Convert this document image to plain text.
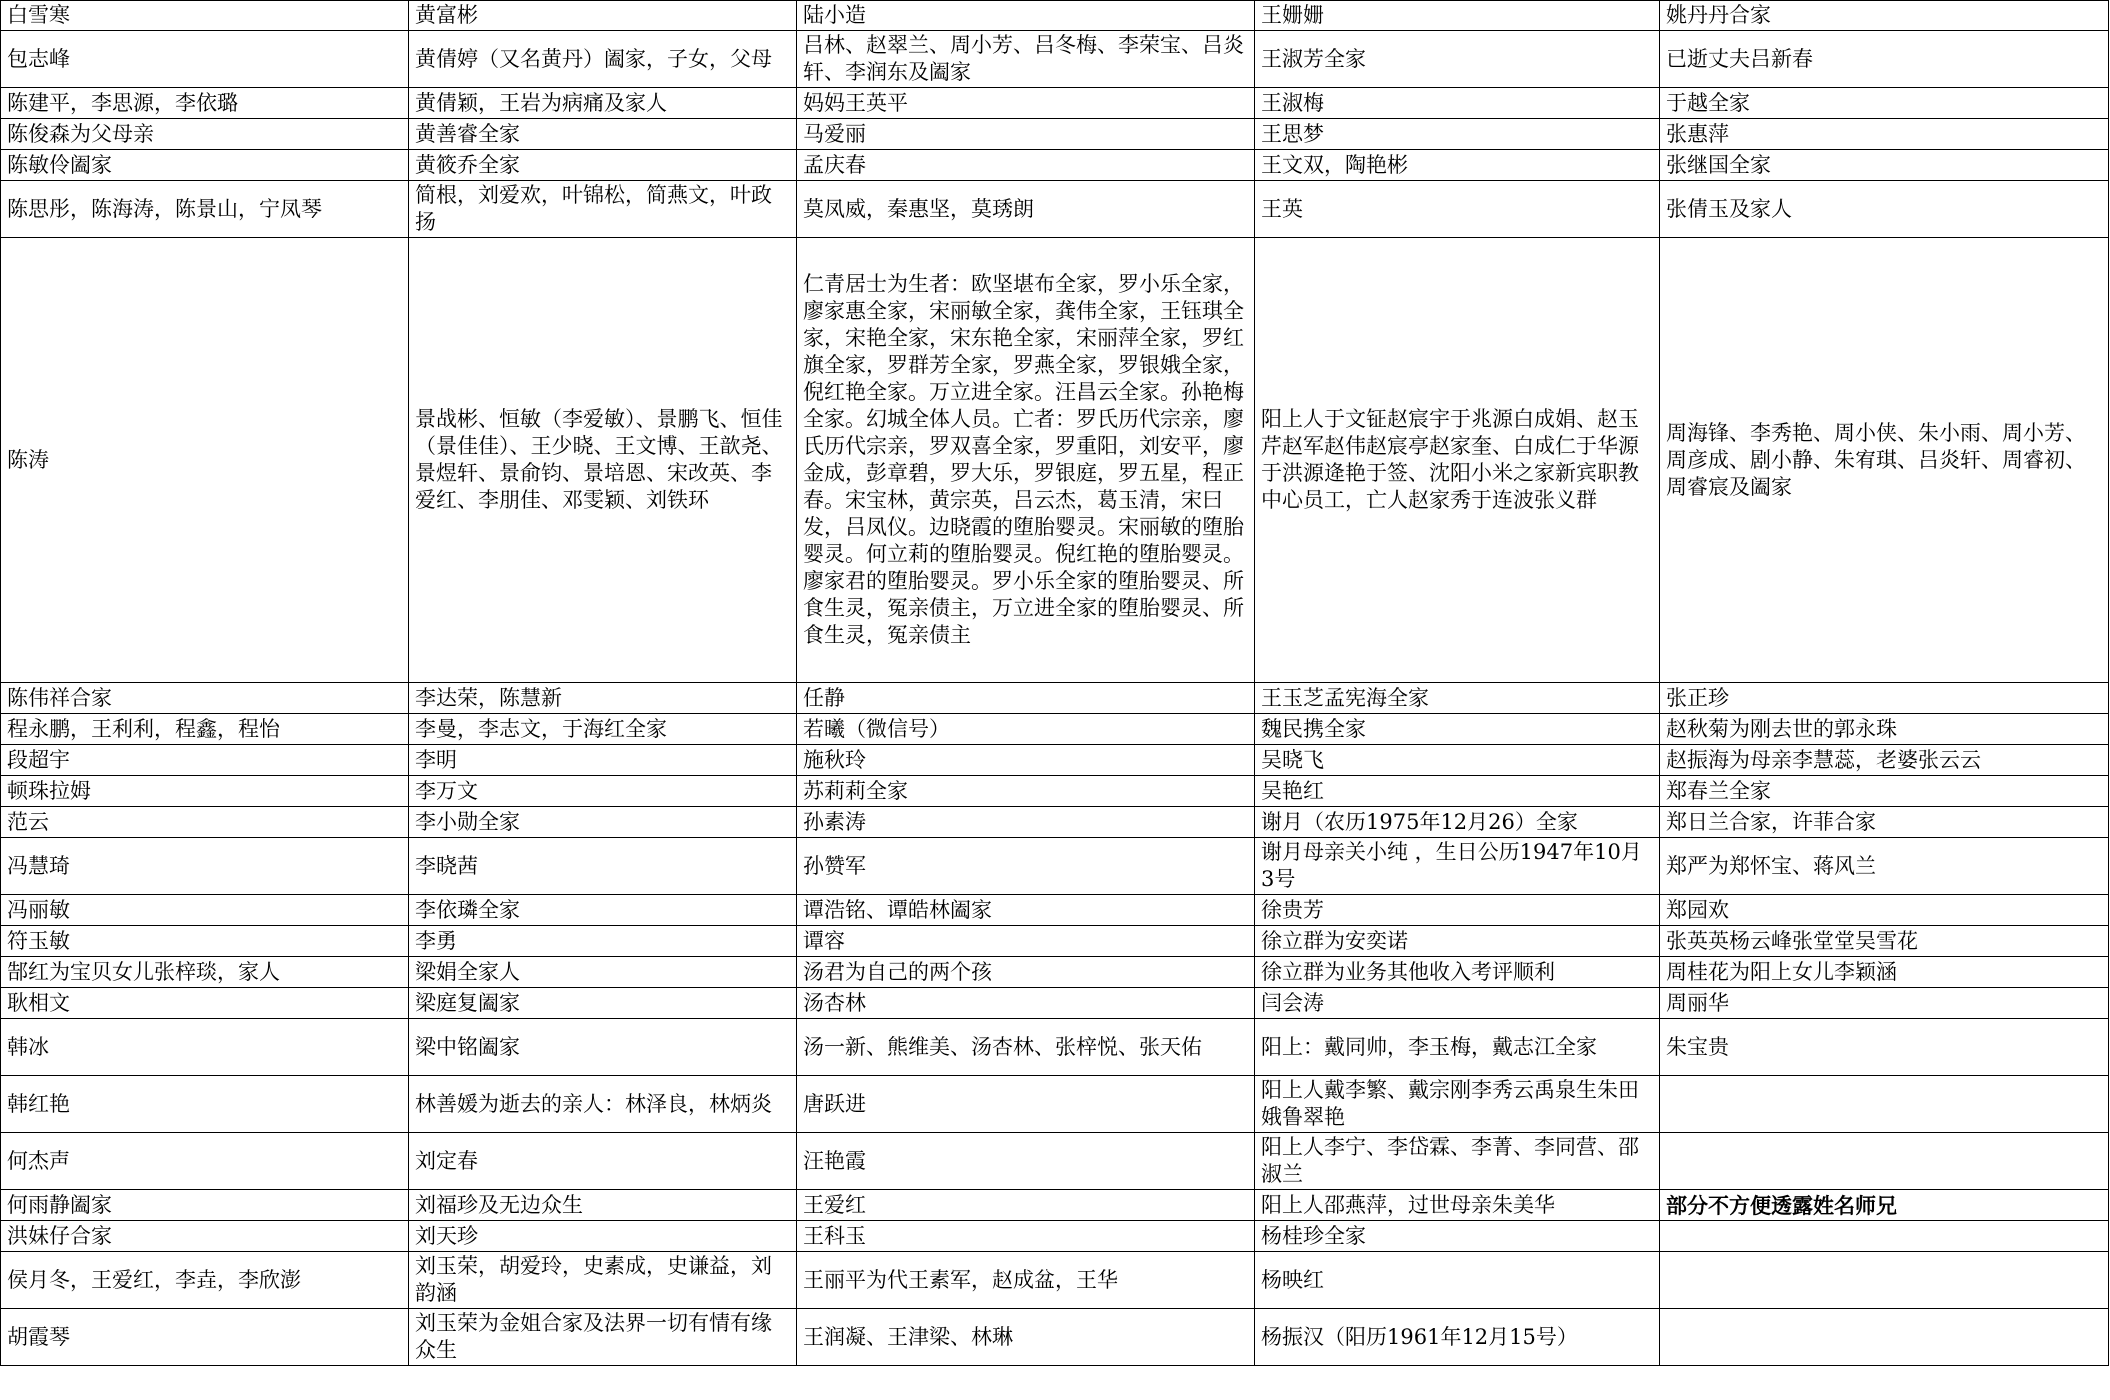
白雪寒	黄富彬	陆小造	王姗姗	姚丹丹合家
包志峰	黄倩婷（又名黄丹）阖家，子女，父母	吕林、赵翠兰、周小芳、吕冬梅、李荣宝、吕炎轩、李润东及阖家	王淑芳全家	已逝丈夫吕新春
陈建平，李思源，李依璐	黄倩颖，王岩为病痛及家人	妈妈王英平	王淑梅	于越全家
陈俊森为父母亲	黄善睿全家	马爱丽	王思梦	张惠萍
陈敏伶阖家	黄筱乔全家	孟庆春	王文双，陶艳彬	张继国全家
陈思彤，陈海涛，陈景山，宁凤琴	简根，刘爱欢，叶锦松，简燕文，叶政扬	莫凤威，秦惠坚，莫琇朗	王英	张倩玉及家人
陈涛	景战彬、恒敏（李爱敏）、景鹏飞、恒佳（景佳佳）、王少晓、王文博、王歆尧、景煜轩、景俞钧、景培恩、宋改英、李爱红、李朋佳、邓雯颖、刘铁环	仁青居士为生者：欧坚堪布全家，罗小乐全家，廖家惠全家，宋丽敏全家，龚伟全家，王钰琪全家，宋艳全家，宋东艳全家，宋丽萍全家，罗红旗全家，罗群芳全家，罗燕全家，罗银娥全家，倪红艳全家。万立进全家。汪昌云全家。孙艳梅全家。幻城全体人员。亡者：罗氏历代宗亲，廖氏历代宗亲，罗双喜全家，罗重阳，刘安平，廖金成，彭章碧，罗大乐，罗银庭，罗五星，程正春。宋宝林，黄宗英，吕云杰，葛玉清，宋曰发，吕凤仪。边晓霞的堕胎婴灵。宋丽敏的堕胎婴灵。何立莉的堕胎婴灵。倪红艳的堕胎婴灵。廖家君的堕胎婴灵。罗小乐全家的堕胎婴灵、所食生灵，冤亲债主，万立进全家的堕胎婴灵、所食生灵，冤亲债主	阳上人于文钲赵宸宇于兆源白成娟、赵玉芹赵军赵伟赵宸亭赵家奎、白成仁于华源于洪源逄艳于签、沈阳小米之家新宾职教中心员工，亡人赵家秀于连波张义群	周海锋、李秀艳、周小侠、朱小雨、周小芳、周彦成、剧小静、朱宥琪、吕炎轩、周睿初、周睿宸及阖家
陈伟祥合家	李达荣，陈慧新	任静	王玉芝孟宪海全家	张正珍
程永鹏，王利利，程鑫，程怡	李曼，李志文，于海红全家	若曦（微信号）	魏民携全家	赵秋菊为刚去世的郭永珠
段超宇	李明	施秋玲	吴晓飞	赵振海为母亲李慧蕊，老婆张云云
顿珠拉姆	李万文	苏莉莉全家	吴艳红	郑春兰全家
范云	李小勋全家	孙素涛	谢月（农历1975年12月26）全家	郑日兰合家，许菲合家
冯慧琦	李晓茜	孙赞军	谢月母亲关小纯 ，生日公历1947年10月3号	郑严为郑怀宝、蒋风兰
冯丽敏	李依璘全家	谭浩铭、谭皓林阖家	徐贵芳	郑园欢
符玉敏	李勇	谭容	徐立群为安奕诺	张英英杨云峰张堂堂吴雪花
郜红为宝贝女儿张梓琰，家人	梁娟全家人	汤君为自己的两个孩	徐立群为业务其他收入考评顺利	周桂花为阳上女儿李颖涵
耿相文	梁庭复阖家	汤杏林	闫会涛	周丽华
韩冰	梁中铭阖家	汤一新、熊维美、汤杏林、张梓悦、张天佑	阳上：戴同帅，李玉梅，戴志江全家	朱宝贵
韩红艳	林善媛为逝去的亲人：林泽良，林炳炎	唐跃进	阳上人戴李繁、戴宗刚李秀云禹泉生朱田娥鲁翠艳	
何杰声	刘定春	汪艳霞	阳上人李宁、李岱霖、李菁、李同营、邵淑兰	
何雨静阖家	刘福珍及无边众生	王爱红	阳上人邵燕萍，过世母亲朱美华	部分不方便透露姓名师兄
洪妹仔合家	刘天珍	王科玉	杨桂珍全家	
侯月冬，王爱红，李垚，李欣澎	刘玉荣，胡爱玲，史素成，史谦益，刘韵涵	王丽平为代王素军，赵成盆，王华	杨映红	
胡霞琴	刘玉荣为金姐合家及法界一切有情有缘众生	王润凝、王津梁、林琳	杨振汉（阳历1961年12月15号）	
